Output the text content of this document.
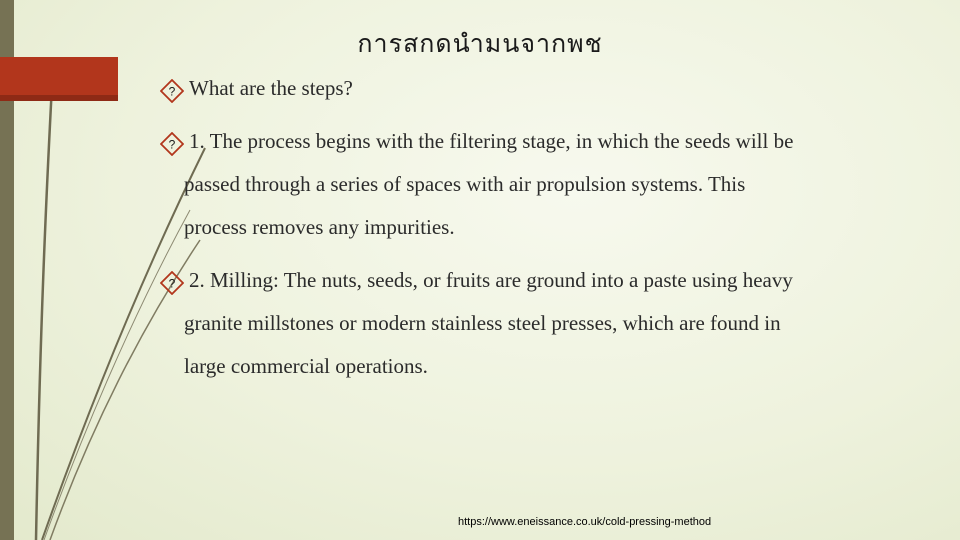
การสกดนำมนจากพช
? What are the steps?
? 1. The process begins with the filtering stage, in which the seeds will be
passed through a series of spaces with air propulsion systems. This
process removes any impurities.
? 2. Milling: The nuts, seeds, or fruits are ground into a paste using heavy
granite millstones or modern stainless steel presses, which are found in
large commercial operations.
https://www.eneissance.co.uk/cold-pressing-method
